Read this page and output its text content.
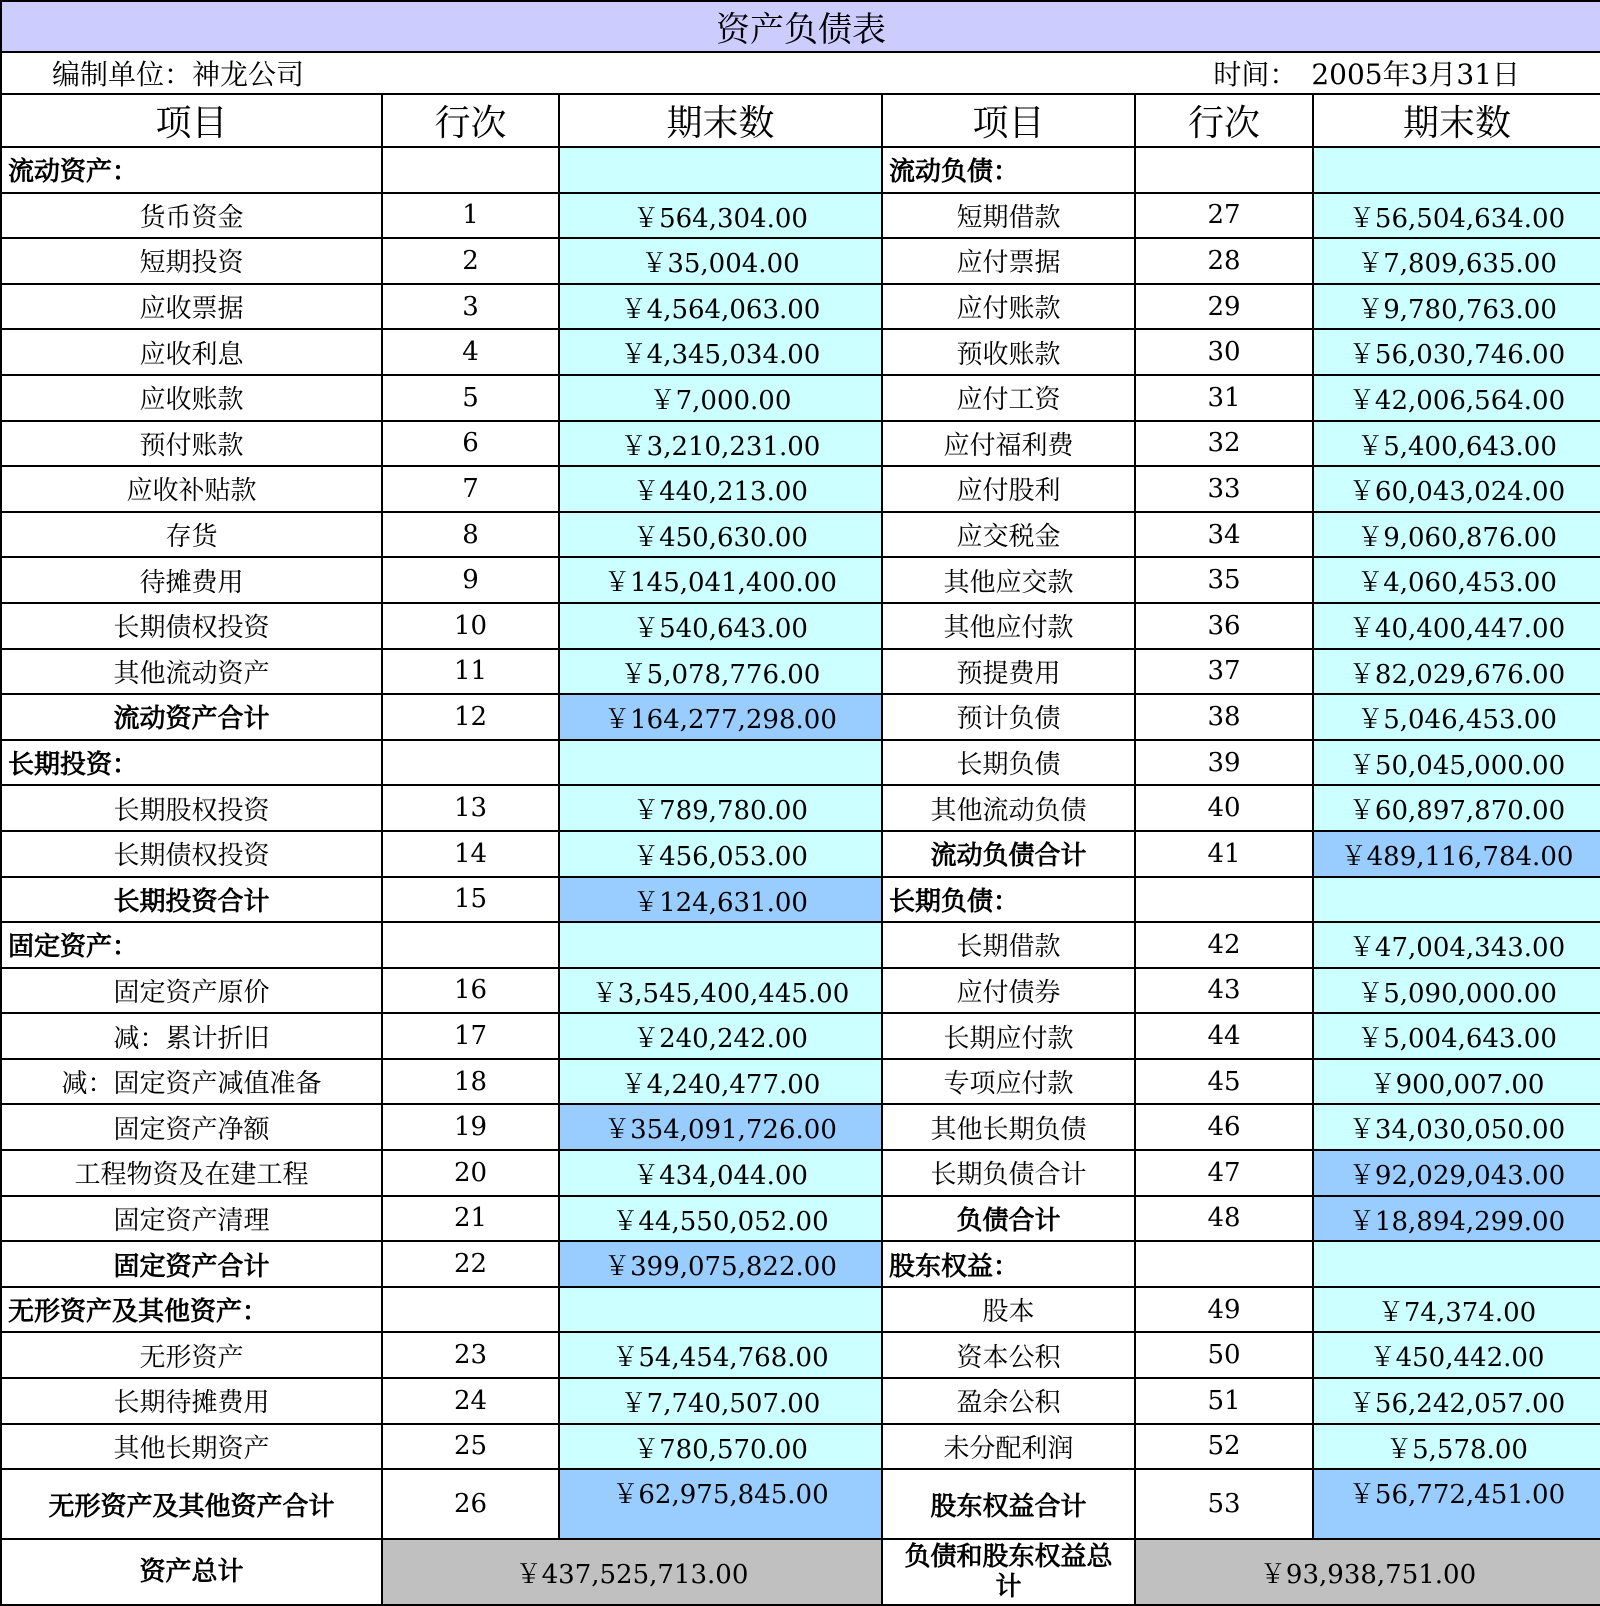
资产负债表					
编制单位：神龙公司			时间： 2005年3月31日		
项目	行次	期末数	项目	行次	期末数
流动资产：			流动负债：		
货币资金	1	￥564,304.00	短期借款	27	￥56,504,634.00
短期投资	2	￥35,004.00	应付票据	28	￥7,809,635.00
应收票据	3	￥4,564,063.00	应付账款	29	￥9,780,763.00
应收利息	4	￥4,345,034.00	预收账款	30	￥56,030,746.00
应收账款	5	￥7,000.00	应付工资	31	￥42,006,564.00
预付账款	6	￥3,210,231.00	应付福利费	32	￥5,400,643.00
应收补贴款	7	￥440,213.00	应付股利	33	￥60,043,024.00
存货	8	￥450,630.00	应交税金	34	￥9,060,876.00
待摊费用	9	￥145,041,400.00	其他应交款	35	￥4,060,453.00
长期债权投资	10	￥540,643.00	其他应付款	36	￥40,400,447.00
其他流动资产	11	￥5,078,776.00	预提费用	37	￥82,029,676.00
流动资产合计	12	￥164,277,298.00	预计负债	38	￥5,046,453.00
长期投资：			长期负债	39	￥50,045,000.00
长期股权投资	13	￥789,780.00	其他流动负债	40	￥60,897,870.00
长期债权投资	14	￥456,053.00	流动负债合计	41	￥489,116,784.00
长期投资合计	15	￥124,631.00	长期负债：		
固定资产：			长期借款	42	￥47,004,343.00
固定资产原价	16	￥3,545,400,445.00	应付债券	43	￥5,090,000.00
减：累计折旧	17	￥240,242.00	长期应付款	44	￥5,004,643.00
减：固定资产减值准备	18	￥4,240,477.00	专项应付款	45	￥900,007.00
固定资产净额	19	￥354,091,726.00	其他长期负债	46	￥34,030,050.00
工程物资及在建工程	20	￥434,044.00	长期负债合计	47	￥92,029,043.00
固定资产清理	21	￥44,550,052.00	负债合计	48	￥18,894,299.00
固定资产合计	22	￥399,075,822.00	股东权益：		
无形资产及其他资产：			股本	49	￥74,374.00
无形资产	23	￥54,454,768.00	资本公积	50	￥450,442.00
长期待摊费用	24	￥7,740,507.00	盈余公积	51	￥56,242,057.00
其他长期资产	25	￥780,570.00	未分配利润	52	￥5,578.00
无形资产及其他资产合计	26	￥62,975,845.00	股东权益合计	53	￥56,772,451.00
资产总计	￥437,525,713.00		负债和股东权益总计	￥93,938,751.00	
